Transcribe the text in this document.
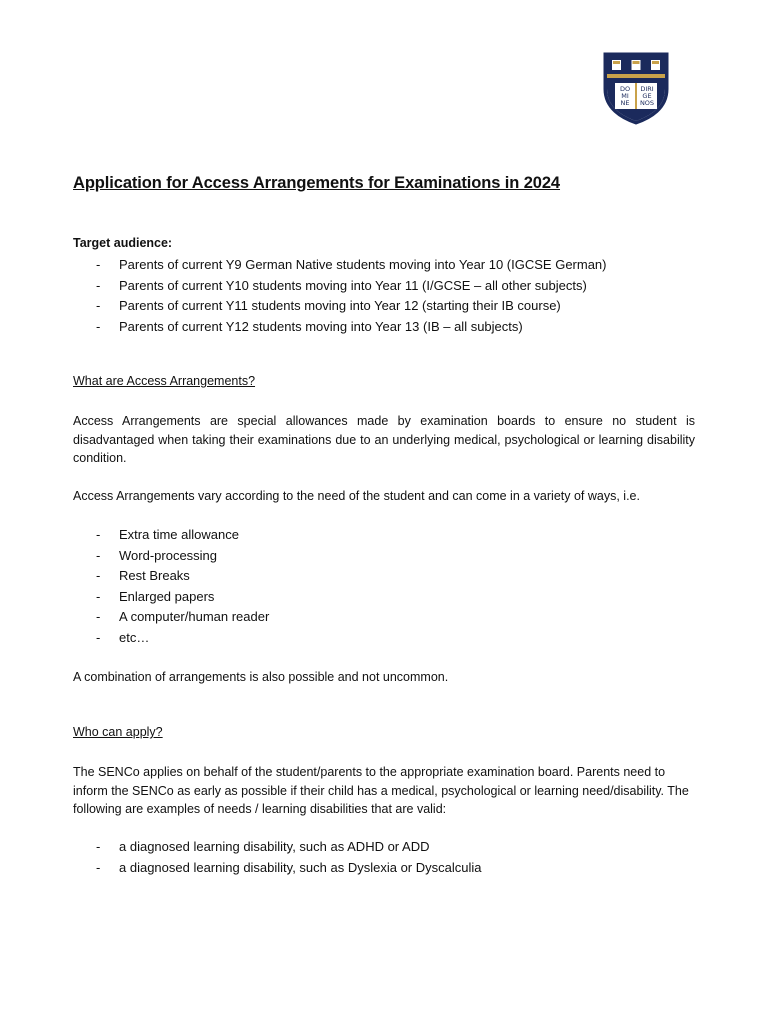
DO
MI
NE
DIRI
GE
NOS
Application for Access Arrangements for Examinations in 2024

Target audience:

- Parents of current Y9 German Native students moving into Year 10 (IGCSE German)
- Parents of current Y10 students moving into Year 11 (I/GCSE – all other subjects)
- Parents of current Y11 students moving into Year 12 (starting their IB course)
- Parents of current Y12 students moving into Year 13 (IB – all subjects)

What are Access Arrangements?

Access Arrangements are special allowances made by examination boards to ensure no student is disadvantaged when taking their examinations due to an underlying medical, psychological or learning disability condition.

Access Arrangements vary according to the need of the student and can come in a variety of ways, i.e.

- Extra time allowance
- Word-processing
- Rest Breaks
- Enlarged papers
- A computer/human reader
- etc…

A combination of arrangements is also possible and not uncommon.

Who can apply?

The SENCo applies on behalf of the student/parents to the appropriate examination board. Parents need to inform the SENCo as early as possible if their child has a medical, psychological or learning need/disability. The following are examples of needs / learning disabilities that are valid:

- a diagnosed learning disability, such as ADHD or ADD
- a diagnosed learning disability, such as Dyslexia or Dyscalculia
